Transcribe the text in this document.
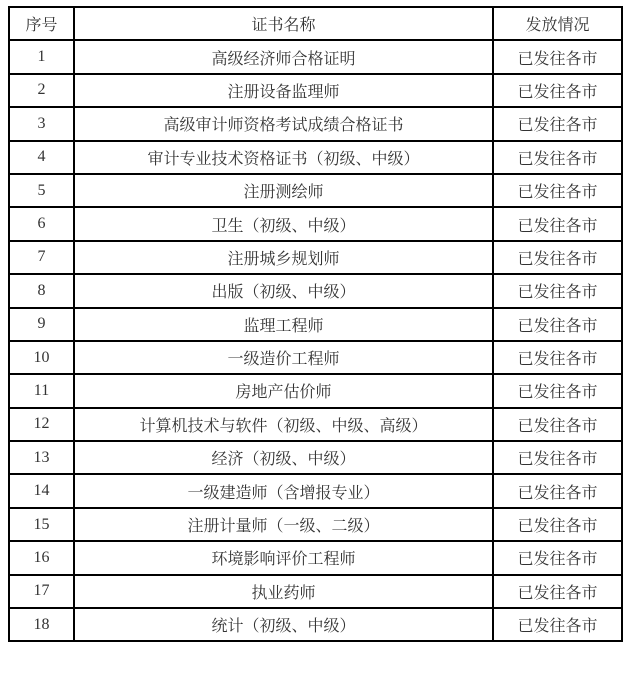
序号	证书名称	发放情况
1	高级经济师合格证明	已发往各市
2	注册设备监理师	已发往各市
3	高级审计师资格考试成绩合格证书	已发往各市
4	审计专业技术资格证书（初级、中级）	已发往各市
5	注册测绘师	已发往各市
6	卫生（初级、中级）	已发往各市
7	注册城乡规划师	已发往各市
8	出版（初级、中级）	已发往各市
9	监理工程师	已发往各市
10	一级造价工程师	已发往各市
11	房地产估价师	已发往各市
12	计算机技术与软件（初级、中级、高级）	已发往各市
13	经济（初级、中级）	已发往各市
14	一级建造师（含增报专业）	已发往各市
15	注册计量师（一级、二级）	已发往各市
16	环境影响评价工程师	已发往各市
17	执业药师	已发往各市
18	统计（初级、中级）	已发往各市
